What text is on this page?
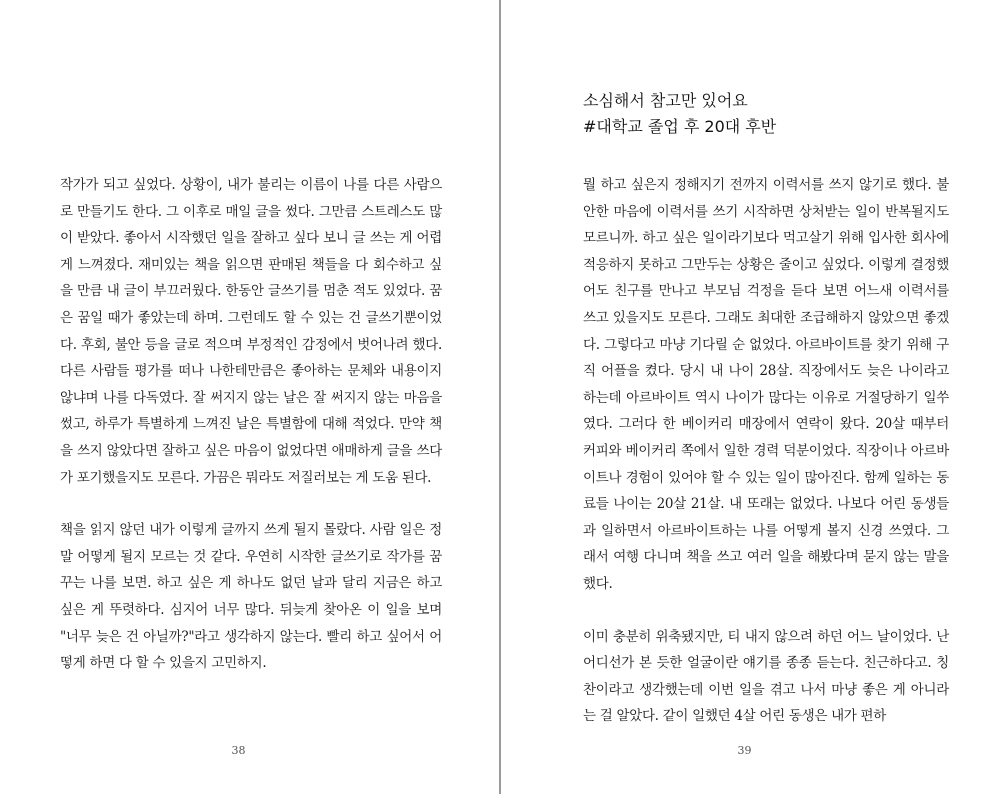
작가가 되고 싶었다. 상황이, 내가 불리는 이름이 나를 다른 사람으로 만들기도 한다. 그 이후로 매일 글을 썼다. 그만큼 스트레스도 많이 받았다. 좋아서 시작했던 일을 잘하고 싶다 보니 글 쓰는 게 어렵게 느껴졌다. 재미있는 책을 읽으면 판매된 책들을 다 회수하고 싶을 만큼 내 글이 부끄러웠다. 한동안 글쓰기를 멈춘 적도 있었다. 꿈은 꿈일 때가 좋았는데 하며. 그런데도 할 수 있는 건 글쓰기뿐이었다. 후회, 불안 등을 글로 적으며 부정적인 감정에서 벗어나려 했다. 다른 사람들 평가를 떠나 나한테만큼은 좋아하는 문체와 내용이지 않냐며 나를 다독였다. 잘 써지지 않는 날은 잘 써지지 않는 마음을 썼고, 하루가 특별하게 느껴진 날은 특별함에 대해 적었다. 만약 책을 쓰지 않았다면 잘하고 싶은 마음이 없었다면 애매하게 글을 쓰다가 포기했을지도 모른다. 가끔은 뭐라도 저질러보는 게 도움 된다.

책을 읽지 않던 내가 이렇게 글까지 쓰게 될지 몰랐다. 사람 일은 정말 어떻게 될지 모르는 것 같다. 우연히 시작한 글쓰기로 작가를 꿈꾸는 나를 보면. 하고 싶은 게 하나도 없던 날과 달리 지금은 하고 싶은 게 뚜렷하다. 심지어 너무 많다. 뒤늦게 찾아온 이 일을 보며 "너무 늦은 건 아닐까?"라고 생각하지 않는다. 빨리 하고 싶어서 어떻게 하면 다 할 수 있을지 고민하지.

38
소심해서 참고만 있어요
#대학교 졸업 후 20대 후반

뭘 하고 싶은지 정해지기 전까지 이력서를 쓰지 않기로 했다. 불안한 마음에 이력서를 쓰기 시작하면 상처받는 일이 반복될지도 모르니까. 하고 싶은 일이라기보다 먹고살기 위해 입사한 회사에 적응하지 못하고 그만두는 상황은 줄이고 싶었다. 이렇게 결정했어도 친구를 만나고 부모님 걱정을 듣다 보면 어느새 이력서를 쓰고 있을지도 모른다. 그래도 최대한 조급해하지 않았으면 좋겠다. 그렇다고 마냥 기다릴 순 없었다. 아르바이트를 찾기 위해 구직 어플을 켰다. 당시 내 나이 28살. 직장에서도 늦은 나이라고 하는데 아르바이트 역시 나이가 많다는 이유로 거절당하기 일쑤였다. 그러다 한 베이커리 매장에서 연락이 왔다. 20살 때부터 커피와 베이커리 쪽에서 일한 경력 덕분이었다. 직장이나 아르바이트나 경험이 있어야 할 수 있는 일이 많아진다. 함께 일하는 동료들 나이는 20살 21살. 내 또래는 없었다. 나보다 어린 동생들과 일하면서 아르바이트하는 나를 어떻게 볼지 신경 쓰였다. 그래서 여행 다니며 책을 쓰고 여러 일을 해봤다며 묻지 않는 말을 했다.

이미 충분히 위축됐지만, 티 내지 않으려 하던 어느 날이었다. 난 어디선가 본 듯한 얼굴이란 얘기를 종종 듣는다. 친근하다고. 칭찬이라고 생각했는데 이번 일을 겪고 나서 마냥 좋은 게 아니라는 걸 알았다. 같이 일했던 4살 어린 동생은 내가 편하

39
